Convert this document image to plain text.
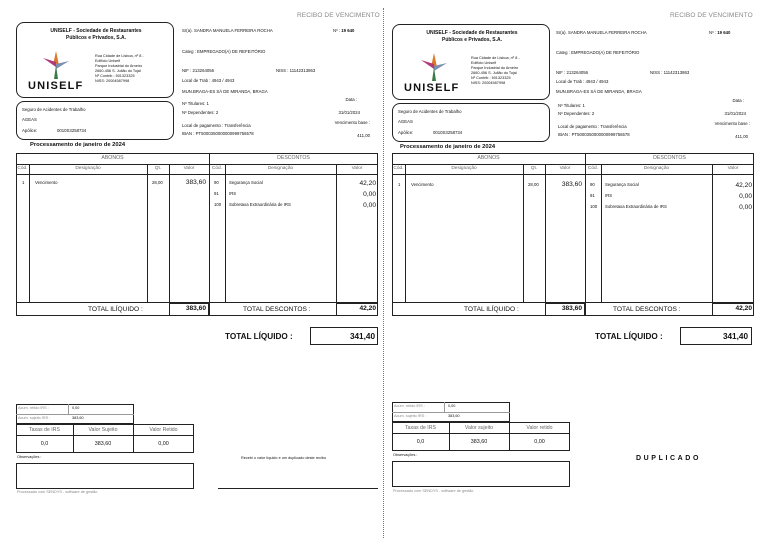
RECIBO DE VENCIMENTO
UNISELF - Sociedade de Restaurantes
Públicos e Privados, S.A.
UNISELF
Rua Cidade de Lisboa, nº 8 -
Edifício Uniself
Parque Industrial do Arneiro
2660-456 S. Julião do Tojal
Nº Contrib : 501323325
NISS: 20004587998
Sr(a). SANDRA MANUELA FERREIRA ROCHA	Nº : 19 640
Categ : EMPREGADO(A) DE REFEITÓRIO
NIF : 213264056	NISS : 11142313863
Local de Trab : 4943 / 4943
MUN.BRAGA-ES SÁ DE MIRANDA, BRAGA
Seguro de Acidentes de Trabalho
AGEAS
Apólice:	0010S3258734
Data :
Nº Titulares: 1
Nº Dependentes: 2	31/01/2024
Local de pagamento : Transferência
Vencimento base :
IBAN : PT5000350000000999756578	411,00
Processamento de janeiro de 2024
ABONOS	DESCONTOS
Cód.	Designação	Qt.	Valor	Cód.	Designação	Valor
1 Vencimento	28,00	383,60 90 Segurança Social	42,20
91 IRS	0,00
100 Sobretaxa Extraordinária de IRS	0,00
TOTAL ILÍQUIDO :	383,60	TOTAL DESCONTOS :	42,20
TOTAL LÍQUIDO :	341,40
Acum. retido IRS :	0,00
Acum. sujeito IRS :	383,60
Taxas de IRS	Valor Sujeito	Valor Retido
0,0	383,60	0,00
Observações :	Recebi o valor líquido e um duplicado deste recibo
Processado com SENDYS - software de gestão
RECIBO DE VENCIMENTO
UNISELF - Sociedade de Restaurantes
Públicos e Privados, S.A.
UNISELF
Rua Cidade de Lisboa, nº 8 -
Edifício Uniself
Parque Industrial do Arneiro
2660-456 S. Julião do Tojal
Nº Contrib : 501323325
NISS: 20004587998
Sr(a). SANDRA MANUELA FERREIRA ROCHA	Nº : 19 640
Categ : EMPREGADO(A) DE REFEITÓRIO
NIF : 213264056	NISS : 11142313863
Local de Trab : 4943 / 4943
MUN.BRAGA-ES SÁ DE MIRANDA, BRAGA
Seguro de Acidentes de Trabalho
AGEAS
Apólice:	0010S3258734
Data :
Nº Titulares: 1
Nº Dependentes: 2	31/01/2024
Local de pagamento : Transferência
Vencimento base :
IBAN : PT5000350000000999756578	411,00
Processamento de janeiro de 2024
ABONOS	DESCONTOS
Cód.	Designação	Qt.	Valor	Cód.	Designação	Valor
1 Vencimento	28,00	383,60 90 Segurança Social	42,20
91 IRS	0,00
100 Sobretaxa Extraordinária de IRS	0,00
TOTAL ILÍQUIDO :	383,60	TOTAL DESCONTOS :	42,20
TOTAL LÍQUIDO :	341,40
Acum. retido IRS :	0,00
Acum. sujeito IRS :	383,60
Taxas de IRS	Valor sujeito	Valor retido
0,0	383,60	0,00
Observações :	DUPLICADO
Processado com SENDYS - software de gestão
